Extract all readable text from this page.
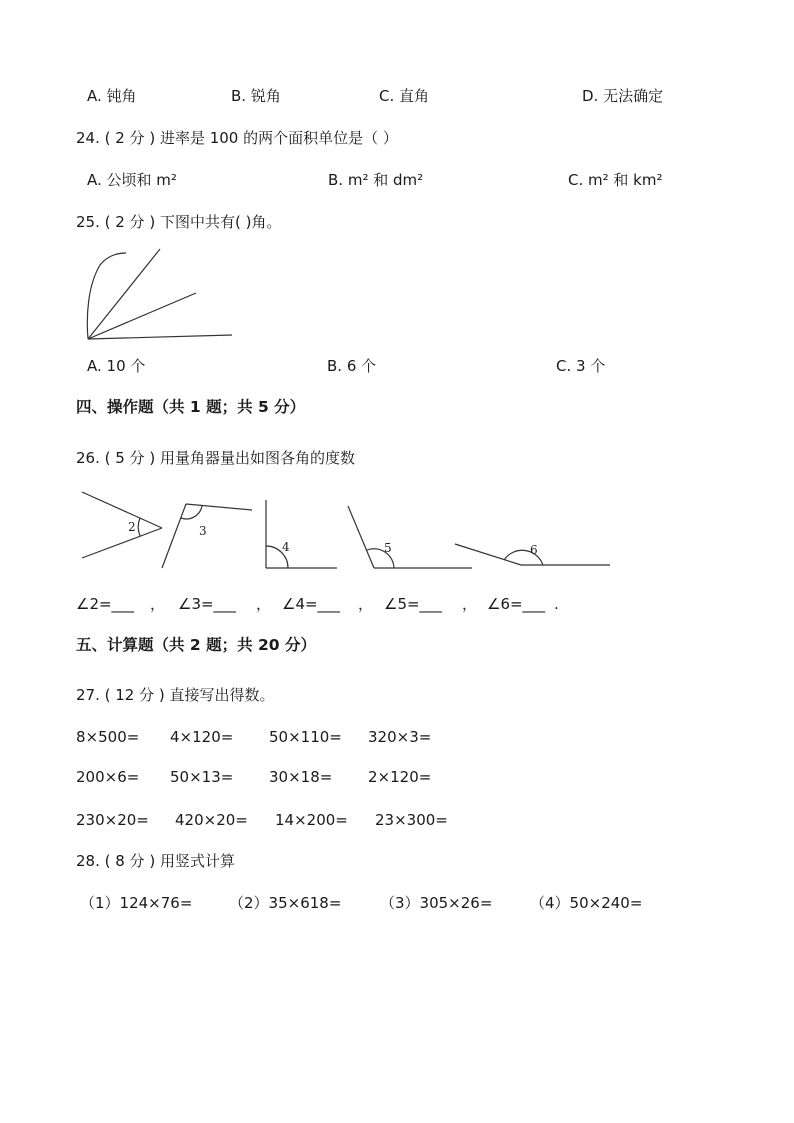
A. 钝角	B. 锐角	C. 直角	D. 无法确定
24. ( 2 分 ) 进率是 100 的两个面积单位是（ ）
A. 公顷和 m²	B. m² 和 dm²	C. m² 和 km²
25. ( 2 分 ) 下图中共有( )角。
A. 10 个	B. 6 个	C. 3 个
四、操作题（共 1 题；共 5 分）
26. ( 5 分 ) 用量角器量出如图各角的度数
2	3
4	5	6
∠2=___ ， ∠3=___ ， ∠4=___ ， ∠5=___ ， ∠6=___ .
五、计算题（共 2 题；共 20 分）
27. ( 12 分 ) 直接写出得数。
8×500= 4×120= 50×110= 320×3=
200×6= 50×13= 30×18= 2×120=
230×20= 420×20= 14×200= 23×300=
28. ( 8 分 ) 用竖式计算
（1）124×76= （2）35×618=	（3）305×26=	（4）50×240=
